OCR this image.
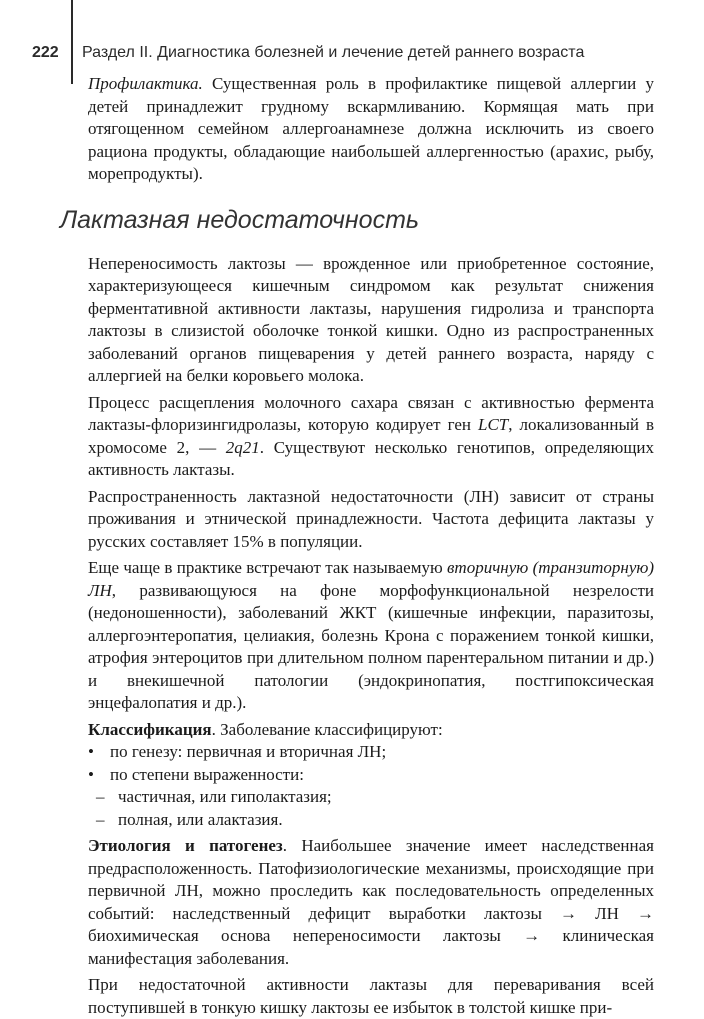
222 Раздел II. Диагностика болезней и лечение детей раннего возраста

Профилактика. Существенная роль в профилактике пищевой аллергии у детей принадлежит грудному вскармливанию. Кормящая мать при отягощенном семейном аллергоанамнезе должна исключить из своего рациона продукты, обладающие наибольшей аллергенностью (арахис, рыбу, морепродукты).

Лактазная недостаточность

Непереносимость лактозы — врожденное или приобретенное состояние, характеризующееся кишечным синдромом как результат снижения ферментативной активности лактазы, нарушения гидролиза и транспорта лактозы в слизистой оболочке тонкой кишки. Одно из распространенных заболеваний органов пищеварения у детей раннего возраста, наряду с аллергией на белки коровьего молока.

Процесс расщепления молочного сахара связан с активностью фермента лактазы-флоризингидролазы, которую кодирует ген LCT, локализованный в хромосоме 2, — 2q21. Существуют несколько генотипов, определяющих активность лактазы.

Распространенность лактазной недостаточности (ЛН) зависит от страны проживания и этнической принадлежности. Частота дефицита лактазы у русских составляет 15% в популяции.

Еще чаще в практике встречают так называемую вторичную (транзиторную) ЛН, развивающуюся на фоне морфофункциональной незрелости (недоношенности), заболеваний ЖКТ (кишечные инфекции, паразитозы, аллергоэнтеропатия, целиакия, болезнь Крона с поражением тонкой кишки, атрофия энтероцитов при длительном полном парентеральном питании и др.) и внекишечной патологии (эндокринопатия, постгипоксическая энцефалопатия и др.).

Классификация. Заболевание классифицируют:

• по генезу: первичная и вторичная ЛН;
• по степени выраженности:
– частичная, или гиполактазия;
– полная, или алактазия.

Этиология и патогенез. Наибольшее значение имеет наследственная предрасположенность. Патофизиологические механизмы, происходящие при первичной ЛН, можно проследить как последовательность определенных событий: наследственный дефицит выработки лактозы → ЛН → биохимическая основа непереносимости лактозы → клиническая манифестация заболевания.

При недостаточной активности лактазы для переваривания всей поступившей в тонкую кишку лактозы ее избыток в толстой кишке при-
